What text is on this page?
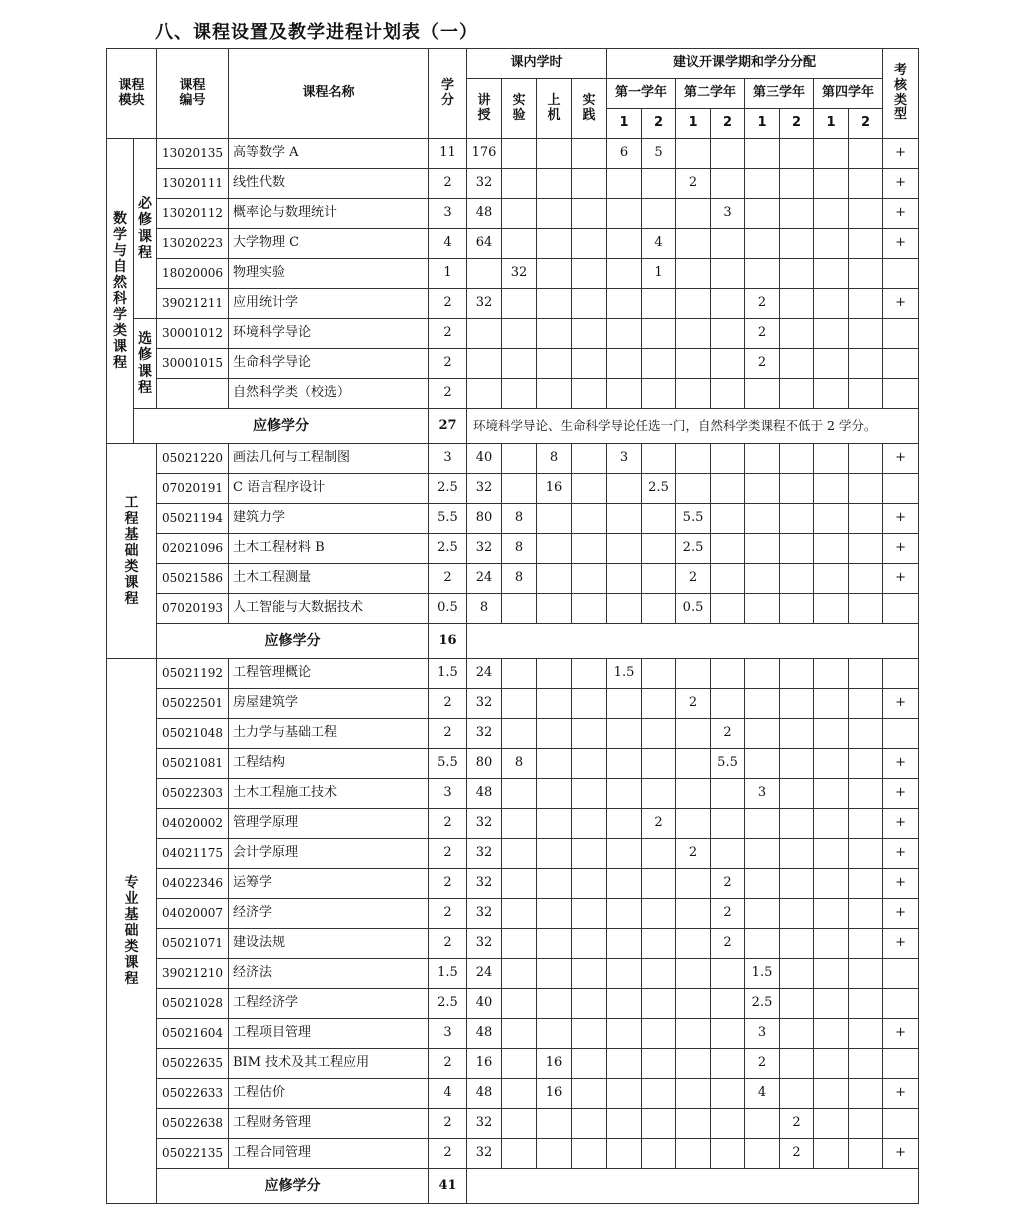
八、课程设置及教学进程计划表（一）
课程模块		课程编号	课程名称	学分	课内学时				建议开课学期和学分分配								考核类型
					讲授	实验	上机	实践	第一学年		第二学年		第三学年		第四学年		
									1	2	1	2	1	2	1	2	
数学与自然科学类课程	必修课程	13020135	高等数学 A	11	176				6	5							+
		13020111	线性代数	2	32						2						+
		13020112	概率论与数理统计	3	48							3					+
		13020223	大学物理 C	4	64					4							+
		18020006	物理实验	1		32				1							
		39021211	应用统计学	2	32								2				+
	选修课程	30001012	环境科学导论	2									2				
		30001015	生命科学导论	2									2				
			自然科学类（校选）	2													
	应修学分			27	环境科学导论、生命科学导论任选一门，自然科学类课程不低于 2 学分。												
工程基础类课程		05021220	画法几何与工程制图	3	40		8		3								+
		07020191	C 语言程序设计	2.5	32		16			2.5							
		05021194	建筑力学	5.5	80	8					5.5						+
		02021096	土木工程材料 B	2.5	32	8					2.5						+
		05021586	土木工程测量	2	24	8					2						+
		07020193	人工智能与大数据技术	0.5	8						0.5						
		应修学分		16													
专业基础类课程		05021192	工程管理概论	1.5	24				1.5								
		05022501	房屋建筑学	2	32						2						+
		05021048	土力学与基础工程	2	32							2					
		05021081	工程结构	5.5	80	8						5.5					+
		05022303	土木工程施工技术	3	48								3				+
		04020002	管理学原理	2	32					2							+
		04021175	会计学原理	2	32						2						+
		04022346	运筹学	2	32							2					+
		04020007	经济学	2	32							2					+
		05021071	建设法规	2	32							2					+
		39021210	经济法	1.5	24								1.5				
		05021028	工程经济学	2.5	40								2.5				
		05021604	工程项目管理	3	48								3				+
		05022635	BIM 技术及其工程应用	2	16		16						2				
		05022633	工程估价	4	48		16						4				+
		05022638	工程财务管理	2	32									2			
		05022135	工程合同管理	2	32									2			+
		应修学分		41													
